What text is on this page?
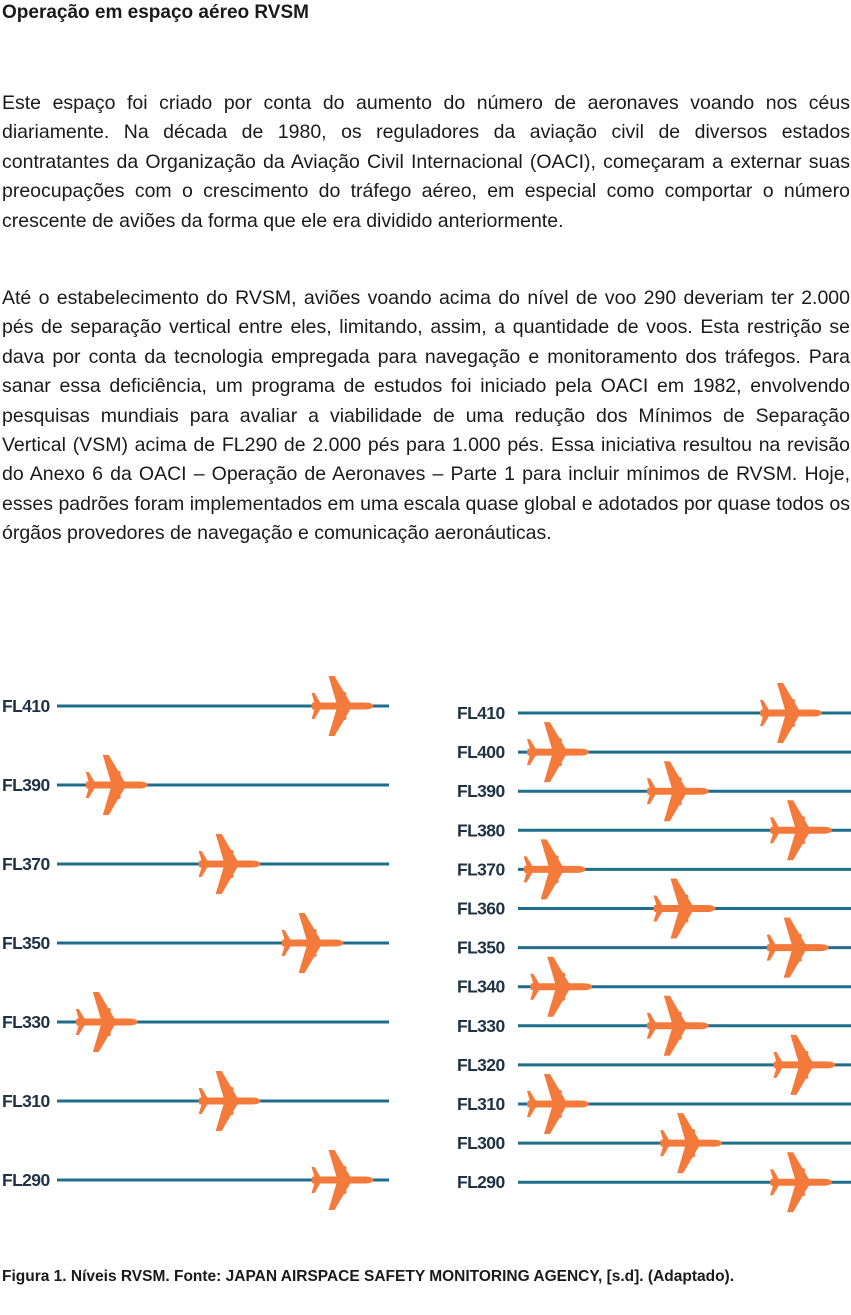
Operação em espaço aéreo RVSM

Este espaço foi criado por conta do aumento do número de aeronaves voando nos céus diariamente. Na década de 1980, os reguladores da aviação civil de diversos estados contratantes da Organização da Aviação Civil Internacional (OACI), começaram a externar suas preocupações com o crescimento do tráfego aéreo, em especial como comportar o número crescente de aviões da forma que ele era dividido anteriormente.

Até o estabelecimento do RVSM, aviões voando acima do nível de voo 290 deveriam ter 2.000 pés de separação vertical entre eles, limitando, assim, a quantidade de voos. Esta restrição se dava por conta da tecnologia empregada para navegação e monitoramento dos tráfegos. Para sanar essa deficiência, um programa de estudos foi iniciado pela OACI em 1982, envolvendo pesquisas mundiais para avaliar a viabilidade de uma redução dos Mínimos de Separação Vertical (VSM) acima de FL290 de 2.000 pés para 1.000 pés. Essa iniciativa resultou na revisão do Anexo 6 da OACI – Operação de Aeronaves – Parte 1 para incluir mínimos de RVSM. Hoje, esses padrões foram implementados em uma escala quase global e adotados por quase todos os órgãos provedores de navegação e comunicação aeronáuticas.

FL410
FL390
FL370
FL350
FL330
FL310
FL290
FL410
FL400
FL390
FL380
FL370
FL360
FL350
FL340
FL330
FL320
FL310
FL300
FL290
Figura 1. Níveis RVSM. Fonte: JAPAN AIRSPACE SAFETY MONITORING AGENCY, [s.d]. (Adaptado).
